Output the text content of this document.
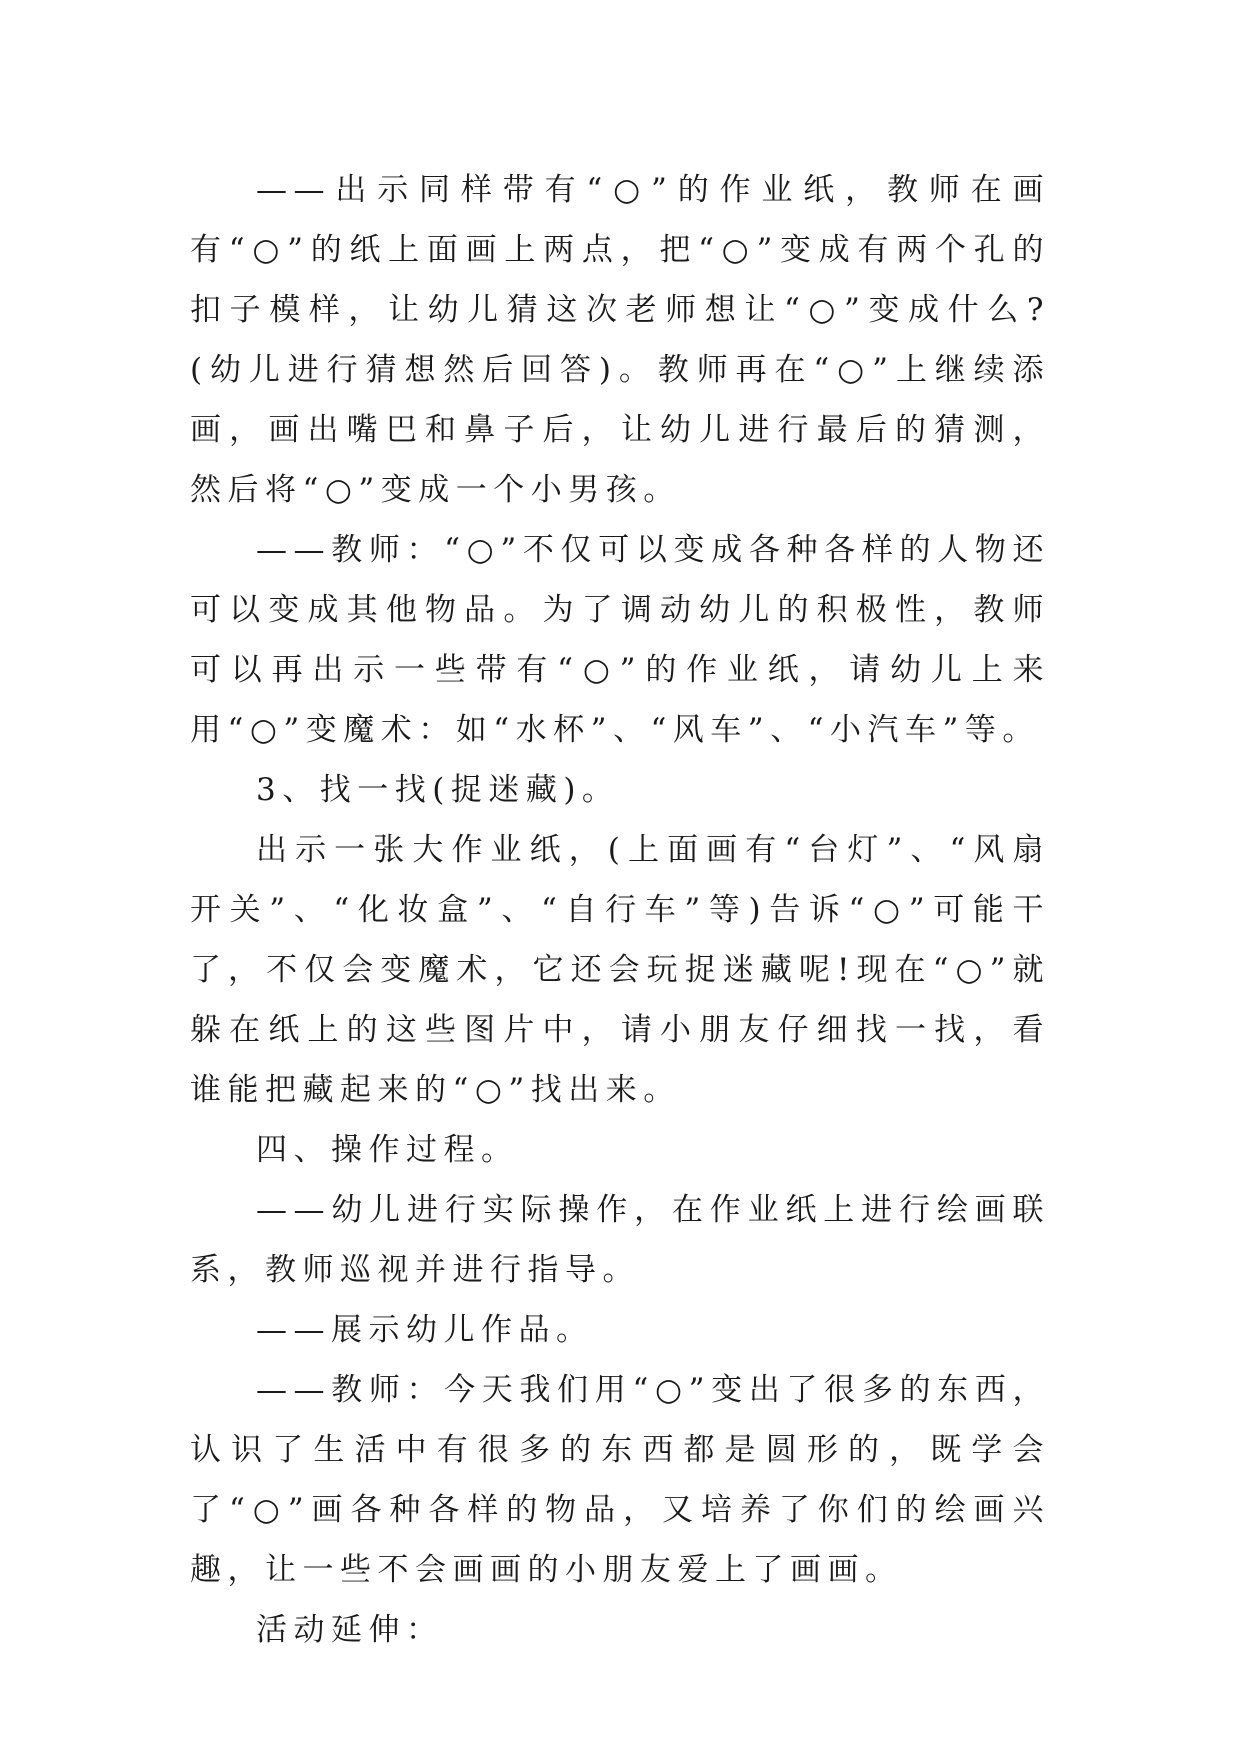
——出示同样带有“○”的作业纸，教师在画有“○”的纸上面画上两点，把“○”变成有两个孔的扣子模样，让幼儿猜这次老师想让“○”变成什么?(幼儿进行猜想然后回答)。教师再在“○”上继续添画，画出嘴巴和鼻子后，让幼儿进行最后的猜测，然后将“○”变成一个小男孩。

——教师：“○”不仅可以变成各种各样的人物还可以变成其他物品。为了调动幼儿的积极性，教师可以再出示一些带有“○”的作业纸，请幼儿上来用“○”变魔术：如“水杯”、“风车”、“小汽车”等。

3、找一找(捉迷藏)。

出示一张大作业纸，(上面画有“台灯”、“风扇开关”、“化妆盒”、“自行车”等)告诉“○”可能干了，不仅会变魔术，它还会玩捉迷藏呢!现在“○”就躲在纸上的这些图片中，请小朋友仔细找一找，看谁能把藏起来的“○”找出来。

四、操作过程。

——幼儿进行实际操作，在作业纸上进行绘画联系，教师巡视并进行指导。

——展示幼儿作品。

——教师：今天我们用“○”变出了很多的东西，认识了生活中有很多的东西都是圆形的，既学会了“○”画各种各样的物品，又培养了你们的绘画兴趣，让一些不会画画的小朋友爱上了画画。

活动延伸：
